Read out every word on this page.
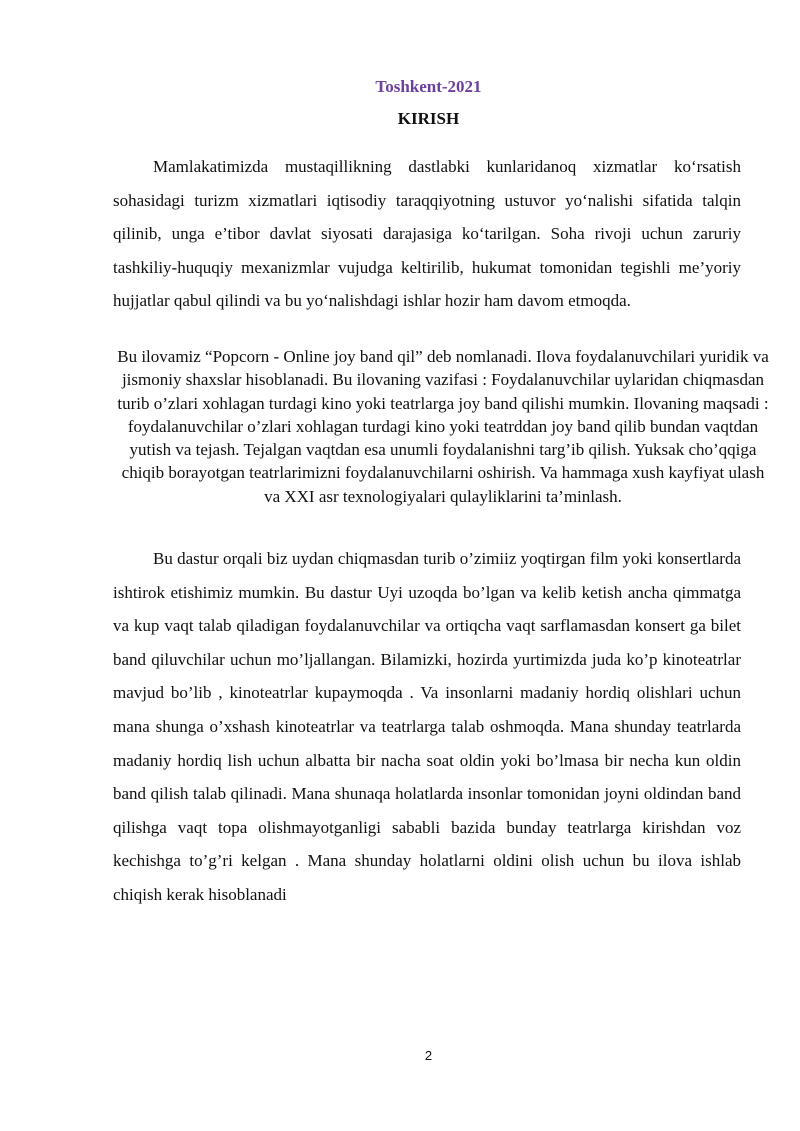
Toshkent-2021
KIRISH

Mamlakatimizda mustaqillikning dastlabki kunlaridanoq xizmatlar ko‘rsatish sohasidagi turizm xizmatlari iqtisodiy taraqqiyotning ustuvor yo‘nalishi sifatida talqin qilinib, unga e’tibor davlat siyosati darajasiga ko‘tarilgan. Soha rivoji uchun zaruriy tashkiliy-huquqiy mexanizmlar vujudga keltirilib, hukumat tomonidan tegishli me’yoriy hujjatlar qabul qilindi va bu yo‘nalishdagi ishlar hozir ham davom etmoqda.

Bu ilovamiz “Popcorn - Online joy band qil” deb nomlanadi. Ilova foydalanuvchilari yuridik va jismoniy shaxslar hisoblanadi. Bu ilovaning vazifasi : Foydalanuvchilar uylaridan chiqmasdan turib o’zlari xohlagan turdagi kino yoki teatrlarga joy band qilishi mumkin. Ilovaning maqsadi : foydalanuvchilar o’zlari xohlagan turdagi kino yoki teatrddan joy band qilib bundan vaqtdan yutish va tejash. Tejalgan vaqtdan esa unumli foydalanishni targ’ib qilish. Yuksak cho’qqiga chiqib borayotgan teatrlarimizni foydalanuvchilarni oshirish. Va hammaga xush kayfiyat ulash va XXI asr texnologiyalari qulayliklarini ta’minlash.

Bu dastur orqali biz uydan chiqmasdan turib o’zimiiz yoqtirgan film yoki konsertlarda ishtirok etishimiz mumkin. Bu dastur Uyi uzoqda bo’lgan va kelib ketish ancha qimmatga va kup vaqt talab qiladigan foydalanuvchilar va ortiqcha vaqt sarflamasdan konsert ga bilet band qiluvchilar uchun mo’ljallangan. Bilamizki, hozirda yurtimizda juda ko’p kinoteatrlar mavjud bo’lib , kinoteatrlar kupaymoqda . Va insonlarni madaniy hordiq olishlari uchun mana shunga o’xshash kinoteatrlar va teatrlarga talab oshmoqda. Mana shunday teatrlarda madaniy hordiq lish uchun albatta bir nacha soat oldin yoki bo’lmasa bir necha kun oldin band qilish talab qilinadi. Mana shunaqa holatlarda insonlar tomonidan joyni oldindan band qilishga vaqt topa olishmayotganligi sababli bazida bunday teatrlarga kirishdan voz kechishga to’g’ri kelgan . Mana shunday holatlarni oldini olish uchun bu ilova ishlab chiqish kerak hisoblanadi

2
